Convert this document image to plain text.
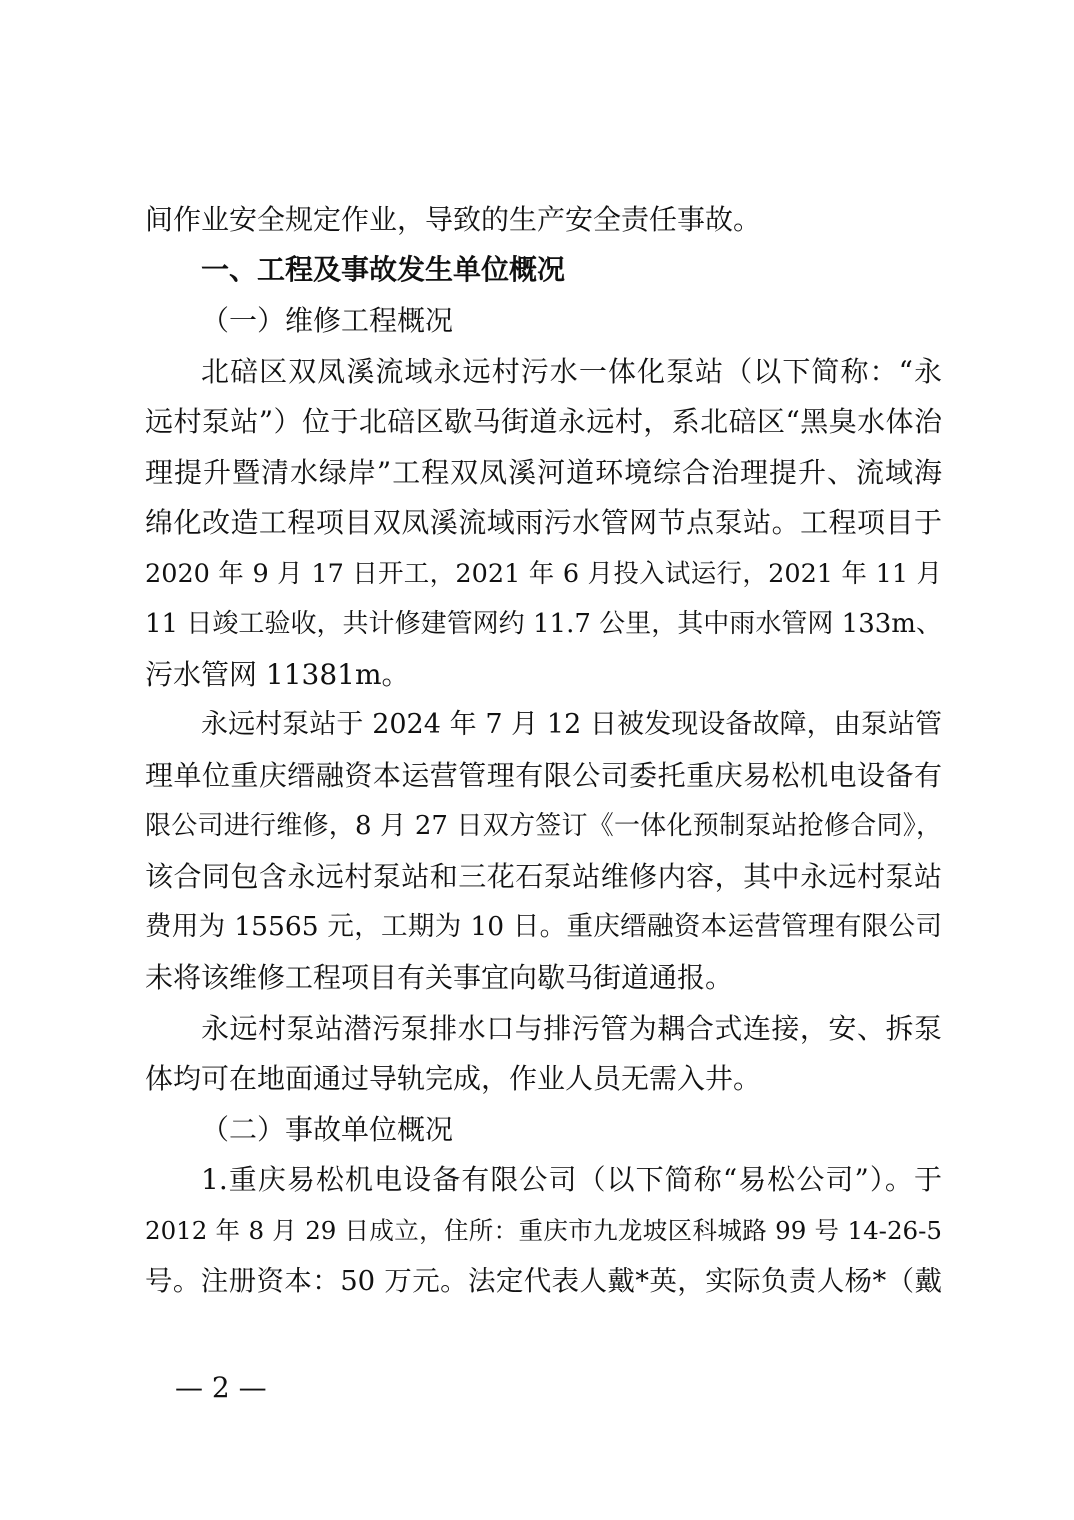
间作业安全规定作业，导致的生产安全责任事故。
一、工程及事故发生单位概况
（一）维修工程概况
北碚区双凤溪流域永远村污水一体化泵站（以下简称：“永
远村泵站”）位于北碚区歇马街道永远村，系北碚区“黑臭水体治
理提升暨清水绿岸”工程双凤溪河道环境综合治理提升、流域海
绵化改造工程项目双凤溪流域雨污水管网节点泵站。工程项目于
2020 年 9 月 17 日开工，2021 年 6 月投入试运行，2021 年 11 月
11 日竣工验收，共计修建管网约 11.7 公里，其中雨水管网 133m、
污水管网 11381m。
永远村泵站于 2024 年 7 月 12 日被发现设备故障，由泵站管
理单位重庆缙融资本运营管理有限公司委托重庆易松机电设备有
限公司进行维修，8 月 27 日双方签订《一体化预制泵站抢修合同》，
该合同包含永远村泵站和三花石泵站维修内容，其中永远村泵站
费用为 15565 元，工期为 10 日。重庆缙融资本运营管理有限公司
未将该维修工程项目有关事宜向歇马街道通报。
永远村泵站潜污泵排水口与排污管为耦合式连接，安、拆泵
体均可在地面通过导轨完成，作业人员无需入井。
（二）事故单位概况
1.重庆易松机电设备有限公司（以下简称“易松公司”）。于
2012 年 8 月 29 日成立，住所：重庆市九龙坡区科城路 99 号 14-26-5
号。注册资本：50 万元。法定代表人戴*英，实际负责人杨*（戴
— 2 —
